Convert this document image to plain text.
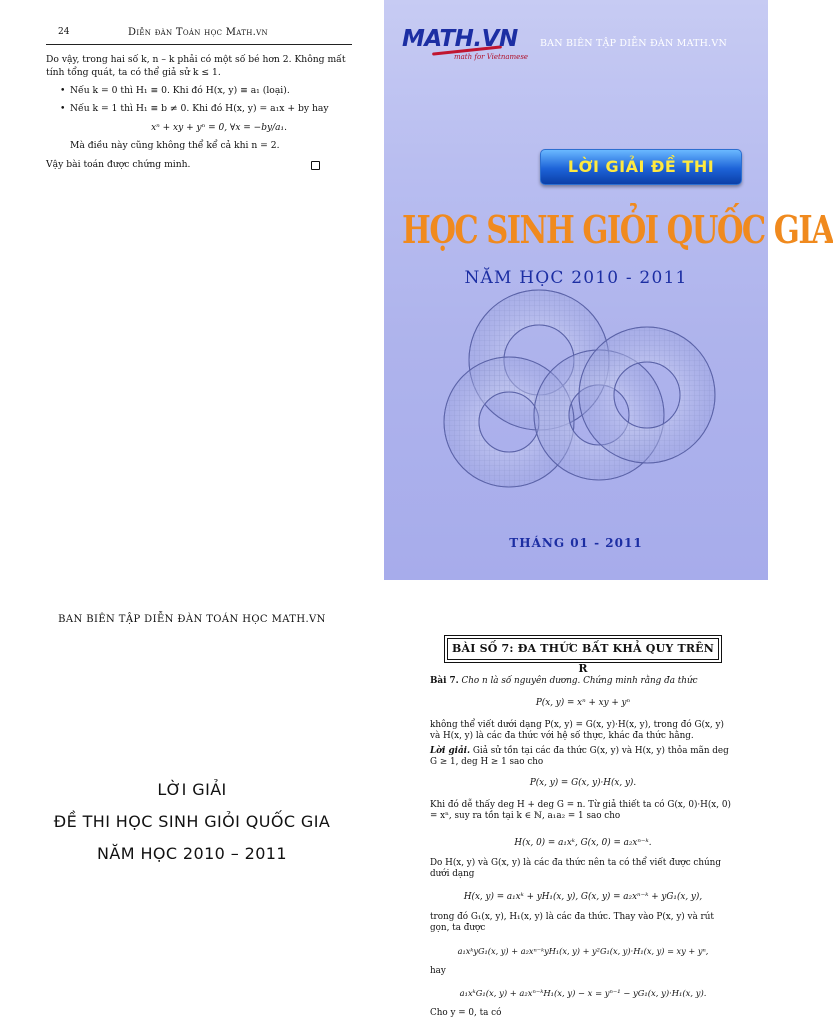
24	Diễn đàn Toán học Math.vn

Do vậy, trong hai số k, n – k phải có một số bé hơn 2. Không mất tính tổng quát, ta có thể giả sử k ≤ 1.

• Nếu k = 0 thì H₁ ≡ 0. Khi đó H(x, y) ≡ a₁ (loại).
• Nếu k = 1 thì H₁ ≡ b ≠ 0. Khi đó H(x, y) = a₁x + by hay
xⁿ + xy + yⁿ = 0, ∀x = −by/a₁.

Mà điều này cũng không thể kể cả khi n = 2.

Vậy bài toán được chứng minh.

MATH.VN
math for Vietnamese
BAN BIÊN TẬP DIỄN ĐÀN MATH.VN
LỜI GIẢI ĐỀ THI
HỌC SINH GIỎI QUỐC GIA
NĂM HỌC 2010 - 2011
THÁNG 01 - 2011
BAN BIÊN TẬP DIỄN ĐÀN TOÁN HỌC MATH.VN
LỜI GIẢI
ĐỀ THI HỌC SINH GIỎI QUỐC GIA
NĂM HỌC 2010 – 2011
BÀI SỐ 7: ĐA THỨC BẤT KHẢ QUY TRÊN R
Bài 7. Cho n là số nguyên dương. Chứng minh rằng đa thức
P(x, y) = xⁿ + xy + yⁿ
không thể viết dưới dạng P(x, y) = G(x, y)·H(x, y), trong đó G(x, y) và H(x, y) là các đa thức với hệ số thực, khác đa thức hằng.
Lời giải. Giả sử tồn tại các đa thức G(x, y) và H(x, y) thỏa mãn deg G ≥ 1, deg H ≥ 1 sao cho
P(x, y) = G(x, y)·H(x, y).
Khi đó dễ thấy deg H + deg G = n. Từ giả thiết ta có G(x, 0)·H(x, 0) = xⁿ, suy ra tồn tại k ∈ ℕ, a₁a₂ = 1 sao cho
H(x, 0) = a₁xᵏ, G(x, 0) = a₂xⁿ⁻ᵏ.
Do H(x, y) và G(x, y) là các đa thức nên ta có thể viết được chúng dưới dạng
H(x, y) = a₁xᵏ + yH₁(x, y), G(x, y) = a₂xⁿ⁻ᵏ + yG₁(x, y),
trong đó G₁(x, y), H₁(x, y) là các đa thức. Thay vào P(x, y) và rút gọn, ta được
a₁xᵏyG₁(x, y) + a₂xⁿ⁻ᵏyH₁(x, y) + y²G₁(x, y)·H₁(x, y) = xy + yⁿ,
hay
a₁xᵏG₁(x, y) + a₂xⁿ⁻ᵏH₁(x, y) − x = yⁿ⁻¹ − yG₁(x, y)·H₁(x, y).
Cho y = 0, ta có
